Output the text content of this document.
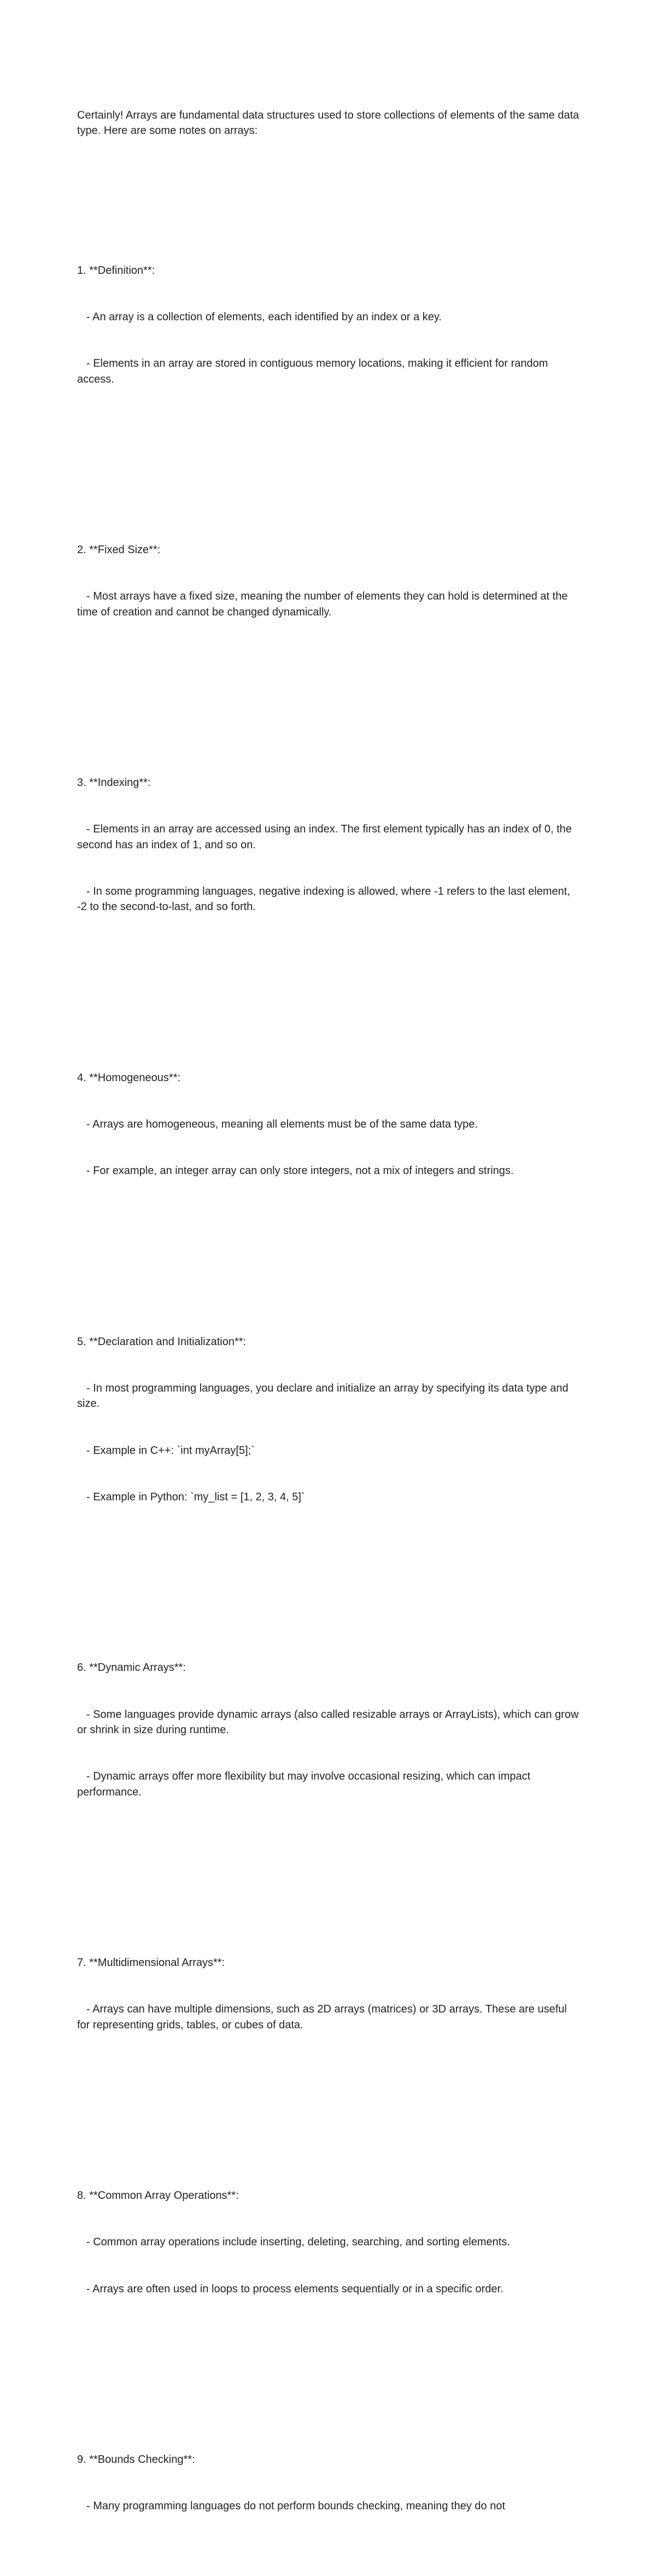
Certainly! Arrays are fundamental data structures used to store collections of elements of the same data type. Here are some notes on arrays:

1. **Definition**:

- An array is a collection of elements, each identified by an index or a key.

- Elements in an array are stored in contiguous memory locations, making it efficient for random access.

2. **Fixed Size**:

- Most arrays have a fixed size, meaning the number of elements they can hold is determined at the time of creation and cannot be changed dynamically.

3. **Indexing**:

- Elements in an array are accessed using an index. The first element typically has an index of 0, the second has an index of 1, and so on.

- In some programming languages, negative indexing is allowed, where -1 refers to the last element, -2 to the second-to-last, and so forth.

4. **Homogeneous**:

- Arrays are homogeneous, meaning all elements must be of the same data type.

- For example, an integer array can only store integers, not a mix of integers and strings.

5. **Declaration and Initialization**:

- In most programming languages, you declare and initialize an array by specifying its data type and size.

- Example in C++: `int myArray[5];`

- Example in Python: `my_list = [1, 2, 3, 4, 5]`

6. **Dynamic Arrays**:

- Some languages provide dynamic arrays (also called resizable arrays or ArrayLists), which can grow or shrink in size during runtime.

- Dynamic arrays offer more flexibility but may involve occasional resizing, which can impact performance.

7. **Multidimensional Arrays**:

- Arrays can have multiple dimensions, such as 2D arrays (matrices) or 3D arrays. These are useful for representing grids, tables, or cubes of data.

8. **Common Array Operations**:

- Common array operations include inserting, deleting, searching, and sorting elements.

- Arrays are often used in loops to process elements sequentially or in a specific order.

9. **Bounds Checking**:

- Many programming languages do not perform bounds checking, meaning they do not
